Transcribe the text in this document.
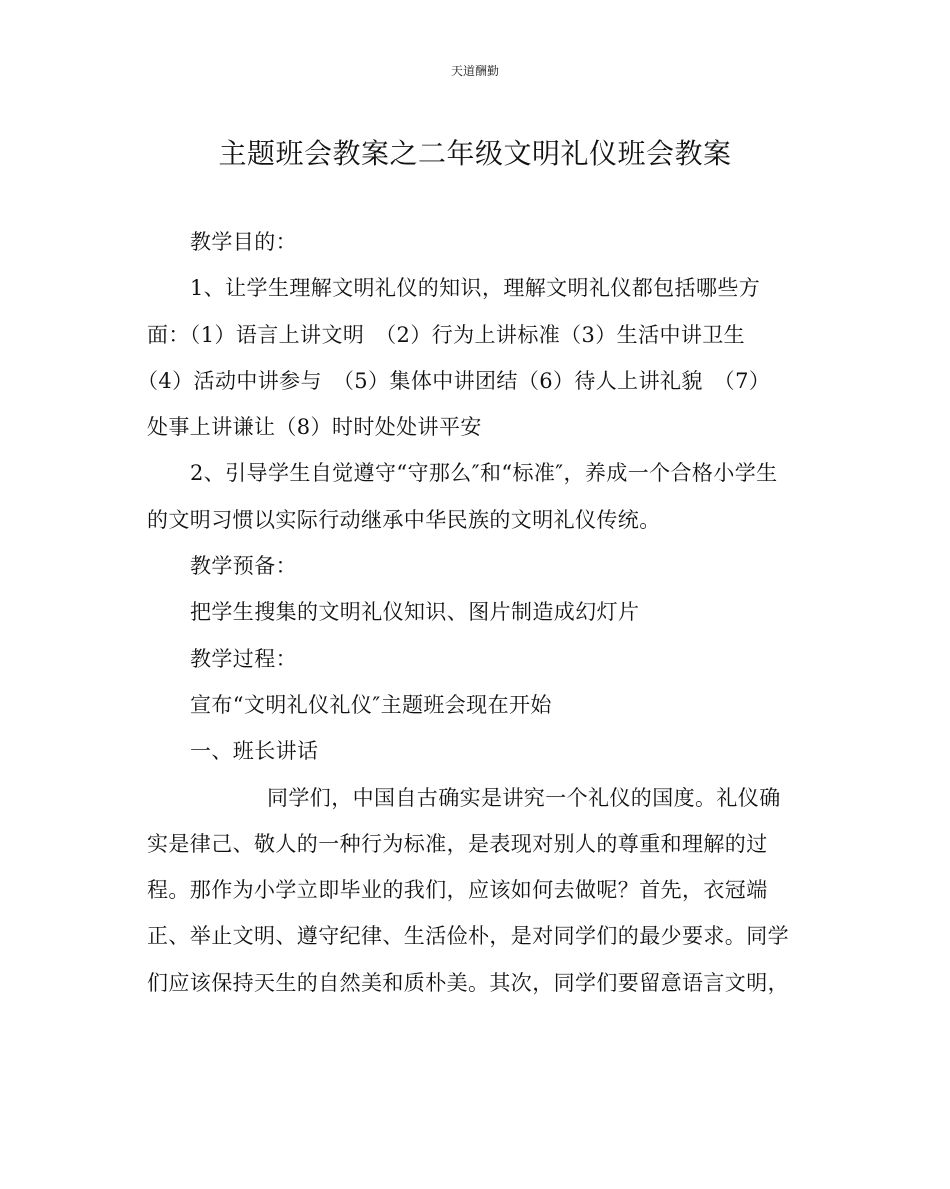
天道酬勤
主题班会教案之二年级文明礼仪班会教案

教学目的：

1、让学生理解文明礼仪的知识，理解文明礼仪都包括哪些方
面：（1）语言上讲文明　（2）行为上讲标准（3）生活中讲卫生
（4）活动中讲参与　（5）集体中讲团结（6）待人上讲礼貌　（7）
处事上讲谦让（8）时时处处讲平安

2、引导学生自觉遵守“守那么″和“标准″，养成一个合格小学生
的文明习惯以实际行动继承中华民族的文明礼仪传统。

教学预备：

把学生搜集的文明礼仪知识、图片制造成幻灯片

教学过程：

宣布“文明礼仪礼仪″主题班会现在开始

一、班长讲话

同学们，中国自古确实是讲究一个礼仪的国度。礼仪确
实是律己、敬人的一种行为标准，是表现对别人的尊重和理解的过
程。那作为小学立即毕业的我们，应该如何去做呢？首先，衣冠端
正、举止文明、遵守纪律、生活俭朴，是对同学们的最少要求。同学
们应该保持天生的自然美和质朴美。其次，同学们要留意语言文明，
